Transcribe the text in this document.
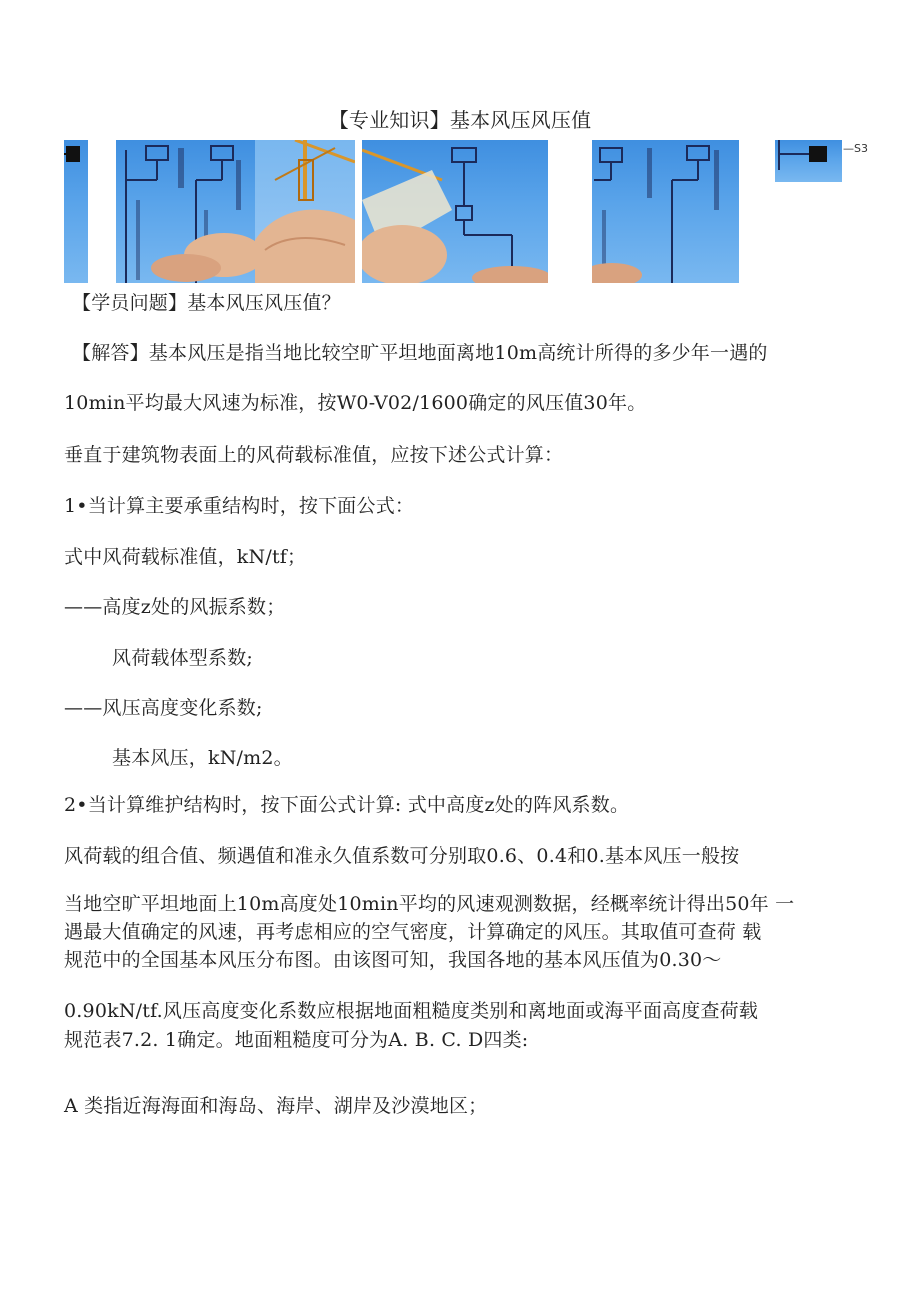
【专业知识】基本风压风压值
—S3
【学员问题】基本风压风压值？
【解答】基本风压是指当地比较空旷平坦地面离地10m高统计所得的多少年一遇的
10min平均最大风速为标准，按W0-V02/1600确定的风压值30年。
垂直于建筑物表面上的风荷载标准值，应按下述公式计算：
1•当计算主要承重结构时，按下面公式：
式中风荷载标准值，kN/tf；
——高度z处的风振系数；
风荷载体型系数;
——风压高度变化系数;
基本风压，kN/m2。
2•当计算维护结构时，按下面公式计算: 式中高度z处的阵风系数。
风荷载的组合值、频遇值和准永久值系数可分别取0.6、0.4和0.基本风压一般按
当地空旷平坦地面上10m高度处10min平均的风速观测数据，经概率统计得出50年 一
遇最大值确定的风速，再考虑相应的空气密度，计算确定的风压。其取值可查荷 载
规范中的全国基本风压分布图。由该图可知，我国各地的基本风压值为0.30～
0.90kN/tf.风压高度变化系数应根据地面粗糙度类别和离地面或海平面高度查荷载
规范表7.2. 1确定。地面粗糙度可分为A. B. C. D四类:
A 类指近海海面和海岛、海岸、湖岸及沙漠地区；
